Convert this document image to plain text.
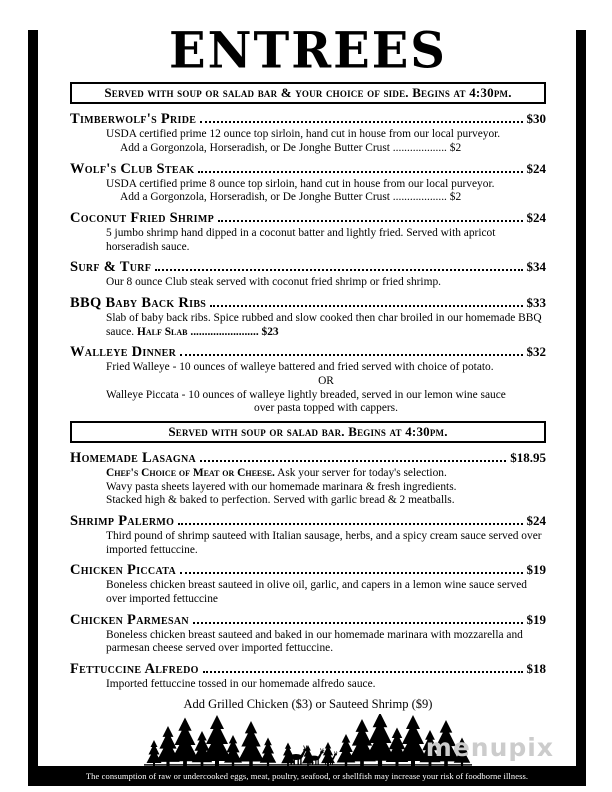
ENTREES
Served with soup or salad bar & your choice of side. Begins at 4:30pm.
Timberwolf's Pride	$30
USDA certified prime 12 ounce top sirloin, hand cut in house from our local purveyor.
Add a Gorgonzola, Horseradish, or De Jonghe Butter Crust ................... $2
Wolf's Club Steak	$24
USDA certified prime 8 ounce top sirloin, hand cut in house from our local purveyor.
Add a Gorgonzola, Horseradish, or De Jonghe Butter Crust ................... $2
Coconut Fried Shrimp	$24
5 jumbo shrimp hand dipped in a coconut batter and lightly fried. Served with apricot horseradish sauce.
Surf & Turf	$34
Our 8 ounce Club steak served with coconut fried shrimp or fried shrimp.
BBQ Baby Back Ribs	$33
Slab of baby back ribs. Spice rubbed and slow cooked then char broiled in our homemade BBQ sauce. Half Slab ........................ $23
Walleye Dinner	$32
Fried Walleye - 10 ounces of walleye battered and fried served with choice of potato.
OR
Walleye Piccata - 10 ounces of walleye lightly breaded, served in our lemon wine sauce
over pasta topped with cappers.
Served with soup or salad bar. Begins at 4:30pm.
Homemade Lasagna	$18.95
Chef's Choice of Meat or Cheese. Ask your server for today's selection.
Wavy pasta sheets layered with our homemade marinara & fresh ingredients.
Stacked high & baked to perfection. Served with garlic bread & 2 meatballs.
Shrimp Palermo	$24
Third pound of shrimp sauteed with Italian sausage, herbs, and a spicy cream sauce served over imported fettuccine.
Chicken Piccata	$19
Boneless chicken breast sauteed in olive oil, garlic, and capers in a lemon wine sauce served over imported fettuccine
Chicken Parmesan	$19
Boneless chicken breast sauteed and baked in our homemade marinara with mozzarella and parmesan cheese served over imported fettuccine.
Fettuccine Alfredo	$18
Imported fettuccine tossed in our homemade alfredo sauce.
Add Grilled Chicken ($3) or Sauteed Shrimp ($9)
menupix
The consumption of raw or undercooked eggs, meat, poultry, seafood, or shellfish may increase your risk of foodborne illness.
